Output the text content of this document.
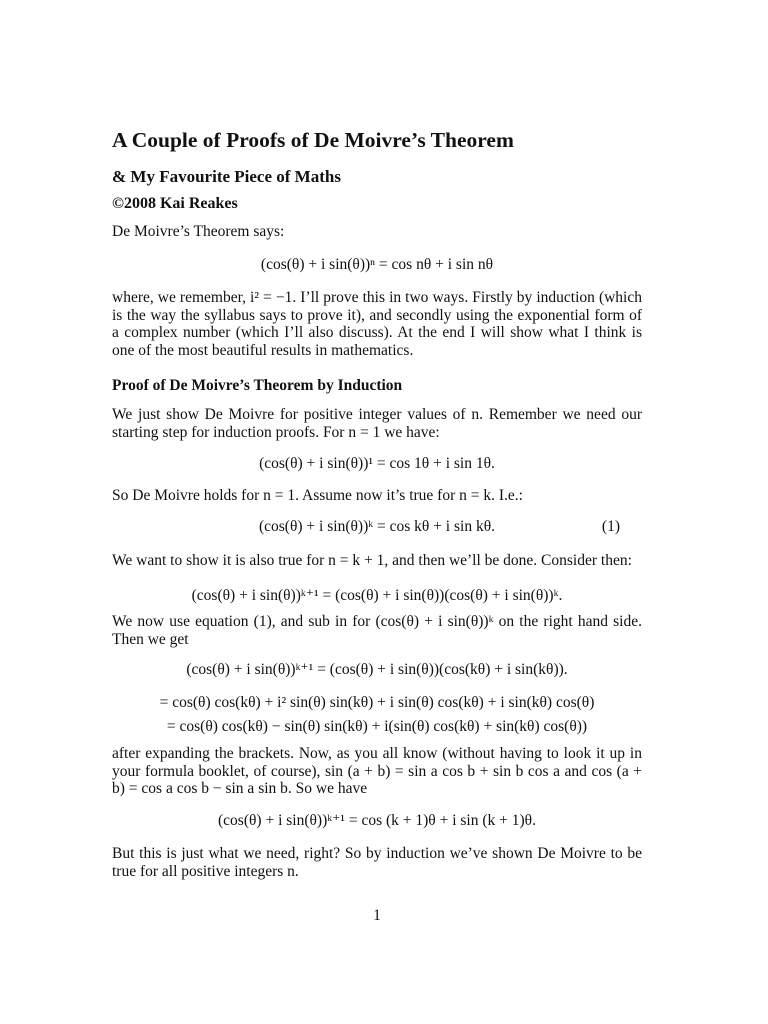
A Couple of Proofs of De Moivre’s Theorem
& My Favourite Piece of Maths
©2008 Kai Reakes
De Moivre’s Theorem says:
(cos(θ) + i sin(θ))ⁿ = cos nθ + i sin nθ
where, we remember, i² = −1. I’ll prove this in two ways. Firstly by induction (which is the way the syllabus says to prove it), and secondly using the exponential form of a complex number (which I’ll also discuss). At the end I will show what I think is one of the most beautiful results in mathematics.
Proof of De Moivre’s Theorem by Induction
We just show De Moivre for positive integer values of n. Remember we need our starting step for induction proofs. For n = 1 we have:
(cos(θ) + i sin(θ))¹ = cos 1θ + i sin 1θ.
So De Moivre holds for n = 1. Assume now it’s true for n = k. I.e.:
(cos(θ) + i sin(θ))ᵏ = cos kθ + i sin kθ.	(1)
We want to show it is also true for n = k + 1, and then we’ll be done. Consider then:
(cos(θ) + i sin(θ))ᵏ⁺¹ = (cos(θ) + i sin(θ))(cos(θ) + i sin(θ))ᵏ.
We now use equation (1), and sub in for (cos(θ) + i sin(θ))ᵏ on the right hand side. Then we get
(cos(θ) + i sin(θ))ᵏ⁺¹ = (cos(θ) + i sin(θ))(cos(kθ) + i sin(kθ)).
= cos(θ) cos(kθ) + i² sin(θ) sin(kθ) + i sin(θ) cos(kθ) + i sin(kθ) cos(θ)
= cos(θ) cos(kθ) − sin(θ) sin(kθ) + i(sin(θ) cos(kθ) + sin(kθ) cos(θ))
after expanding the brackets. Now, as you all know (without having to look it up in your formula booklet, of course), sin (a + b) = sin a cos b + sin b cos a and cos (a + b) = cos a cos b − sin a sin b. So we have
(cos(θ) + i sin(θ))ᵏ⁺¹ = cos (k + 1)θ + i sin (k + 1)θ.
But this is just what we need, right? So by induction we’ve shown De Moivre to be true for all positive integers n.
1
